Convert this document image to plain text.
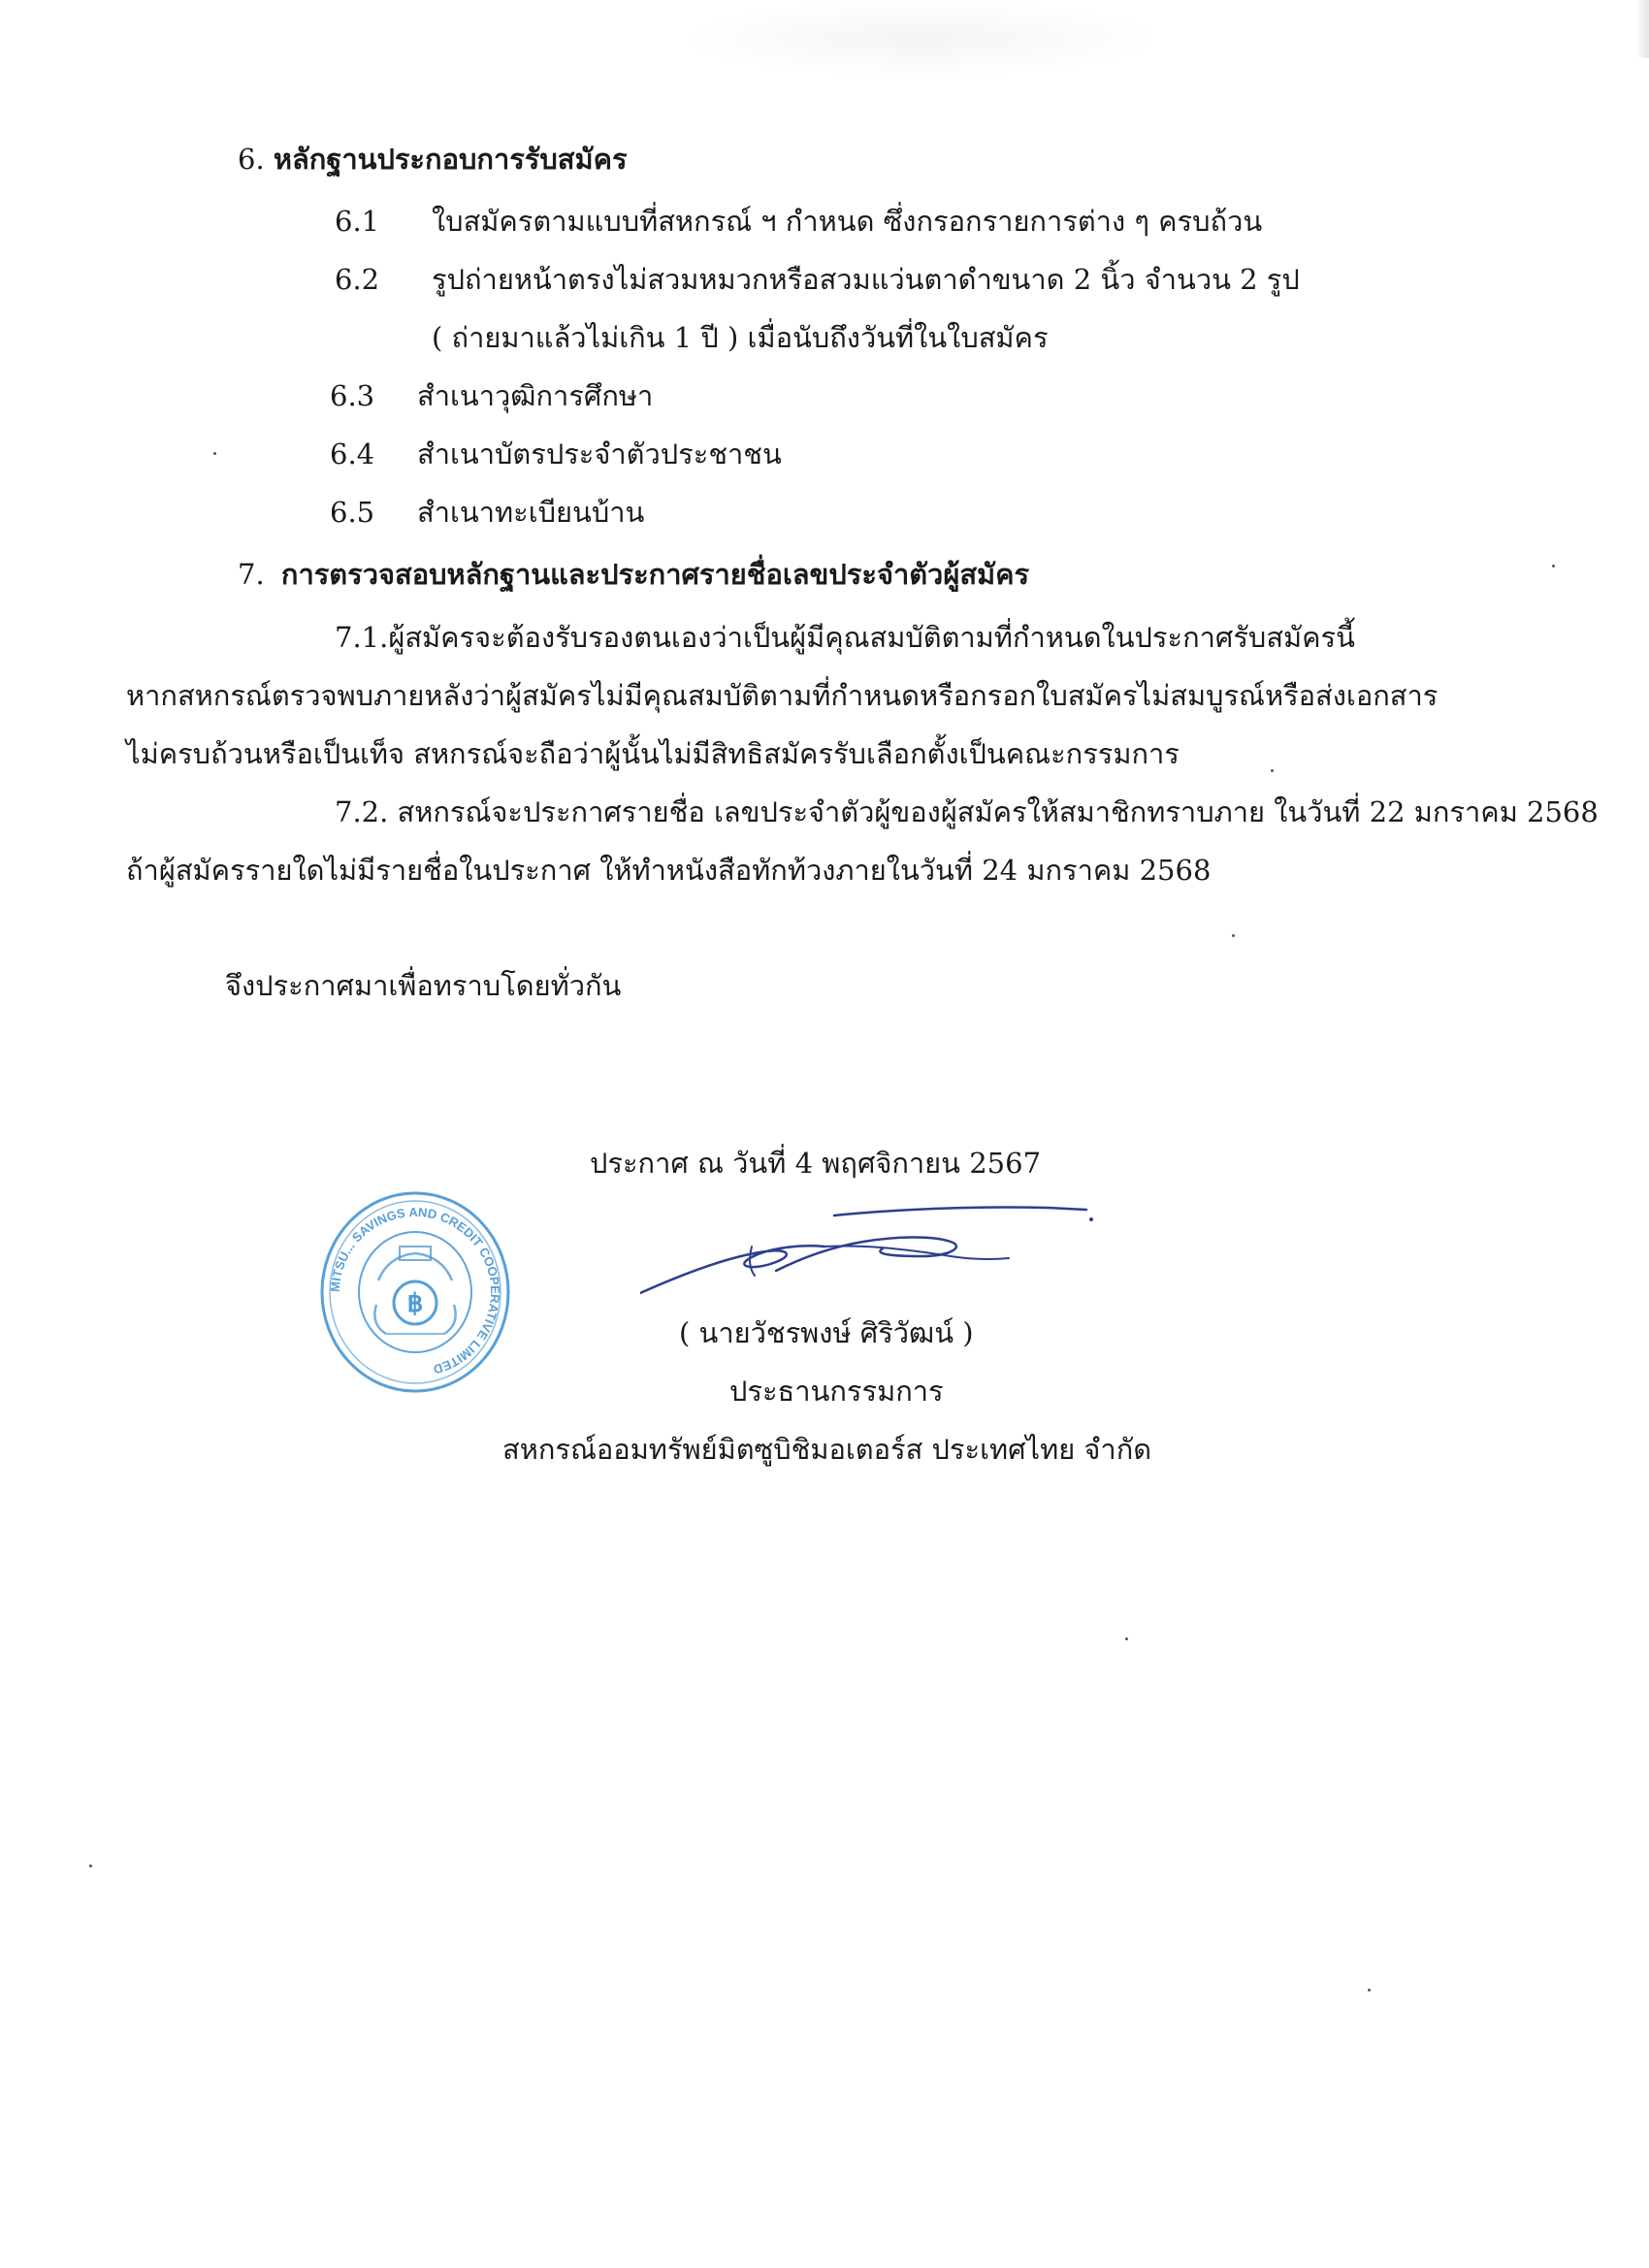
6. หลักฐานประกอบการรับสมัคร
6.1 ใบสมัครตามแบบที่สหกรณ์ ฯ กำหนด ซึ่งกรอกรายการต่าง ๆ ครบถ้วน
6.2 รูปถ่ายหน้าตรงไม่สวมหมวกหรือสวมแว่นตาดำขนาด 2 นิ้ว จำนวน 2 รูป
( ถ่ายมาแล้วไม่เกิน 1 ปี ) เมื่อนับถึงวันที่ในใบสมัคร
6.3 สำเนาวุฒิการศึกษา
6.4 สำเนาบัตรประจำตัวประชาชน
6.5 สำเนาทะเบียนบ้าน
7. การตรวจสอบหลักฐานและประกาศรายชื่อเลขประจำตัวผู้สมัคร
7.1.ผู้สมัครจะต้องรับรองตนเองว่าเป็นผู้มีคุณสมบัติตามที่กำหนดในประกาศรับสมัครนี้
หากสหกรณ์ตรวจพบภายหลังว่าผู้สมัครไม่มีคุณสมบัติตามที่กำหนดหรือกรอกใบสมัครไม่สมบูรณ์หรือส่งเอกสาร
ไม่ครบถ้วนหรือเป็นเท็จ สหกรณ์จะถือว่าผู้นั้นไม่มีสิทธิสมัครรับเลือกตั้งเป็นคณะกรรมการ
7.2. สหกรณ์จะประกาศรายชื่อ เลขประจำตัวผู้ของผู้สมัครให้สมาชิกทราบภาย ในวันที่ 22 มกราคม 2568
ถ้าผู้สมัครรายใดไม่มีรายชื่อในประกาศ ให้ทำหนังสือทักท้วงภายในวันที่ 24 มกราคม 2568
จึงประกาศมาเพื่อทราบโดยทั่วกัน
ประกาศ ณ วันที่ 4 พฤศจิกายน 2567
MITSU... SAVINGS AND CREDIT COOPERATIVE LIMITED
฿
( นายวัชรพงษ์ ศิริวัฒน์ )
ประธานกรรมการ
สหกรณ์ออมทรัพย์มิตซูบิชิมอเตอร์ส ประเทศไทย จำกัด
